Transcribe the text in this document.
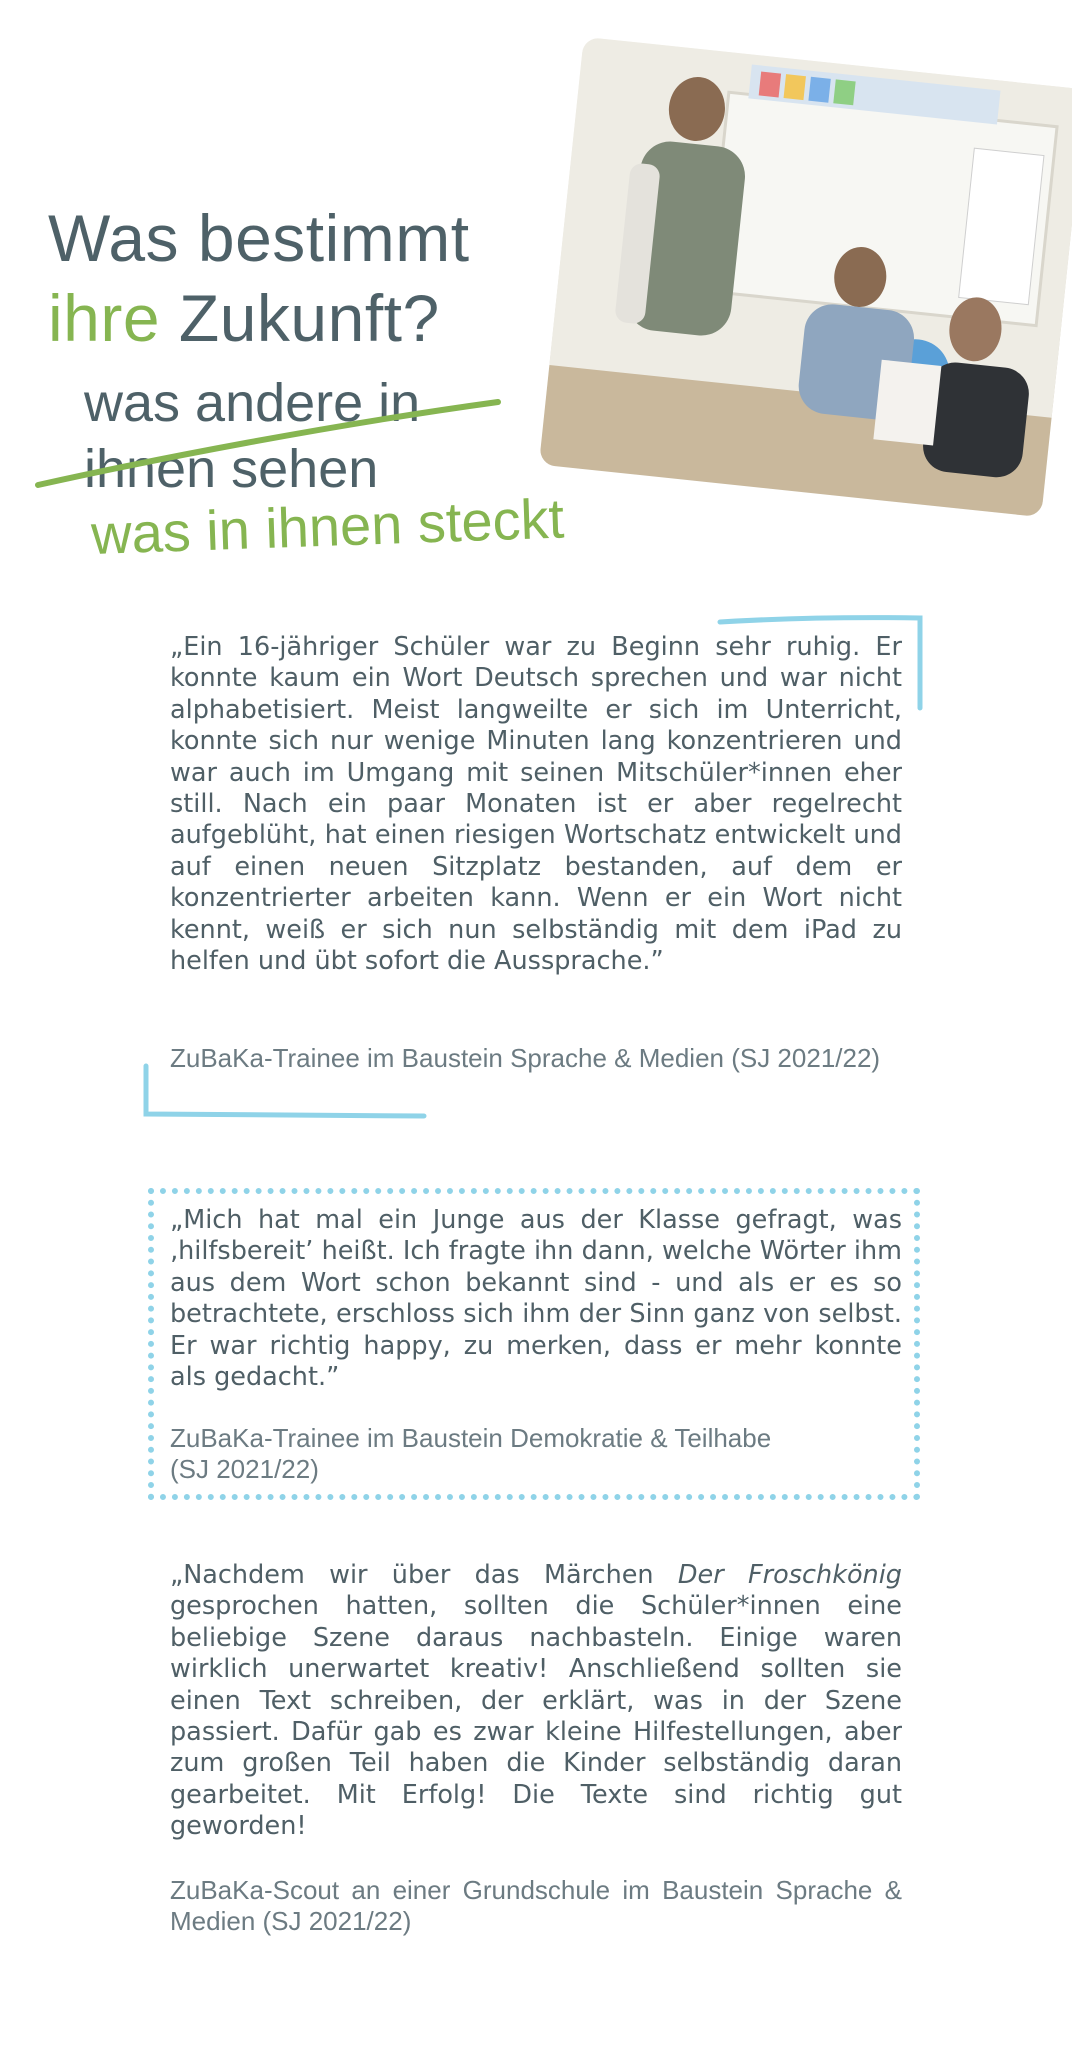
Was bestimmt
ihre Zukunft?
was andere in
ihnen sehen
was in ihnen steckt

„Ein 16-jähriger Schüler war zu Beginn sehr ruhig. Er konnte kaum ein Wort Deutsch sprechen und war nicht alphabetisiert. Meist langweilte er sich im Unterricht, konnte sich nur wenige Minuten lang konzentrieren und war auch im Umgang mit seinen Mitschüler*innen eher still. Nach ein paar Monaten ist er aber regelrecht aufgeblüht, hat einen riesigen Wortschatz entwickelt und auf einen neuen Sitzplatz bestanden, auf dem er konzentrierter arbeiten kann. Wenn er ein Wort nicht kennt, weiß er sich nun selbständig mit dem iPad zu helfen und übt sofort die Aussprache.”

ZuBaKa-Trainee im Baustein Sprache & Medien (SJ 2021/22)

„Mich hat mal ein Junge aus der Klasse gefragt, was ‚hilfsbereit’ heißt. Ich fragte ihn dann, welche Wörter ihm aus dem Wort schon bekannt sind - und als er es so betrachtete, erschloss sich ihm der Sinn ganz von selbst. Er war richtig happy, zu merken, dass er mehr konnte als gedacht.”

ZuBaKa-Trainee im Baustein Demokratie & Teilhabe
(SJ 2021/22)

„Nachdem wir über das Märchen Der Froschkönig gesprochen hatten, sollten die Schüler*innen eine beliebige Szene daraus nachbasteln. Einige waren wirklich unerwartet kreativ! Anschließend sollten sie einen Text schreiben, der erklärt, was in der Szene passiert. Dafür gab es zwar kleine Hilfestellungen, aber zum großen Teil haben die Kinder selbständig daran gearbeitet. Mit Erfolg! Die Texte sind richtig gut geworden!

ZuBaKa-Scout an einer Grundschule im Baustein Sprache & Medien (SJ 2021/22)
